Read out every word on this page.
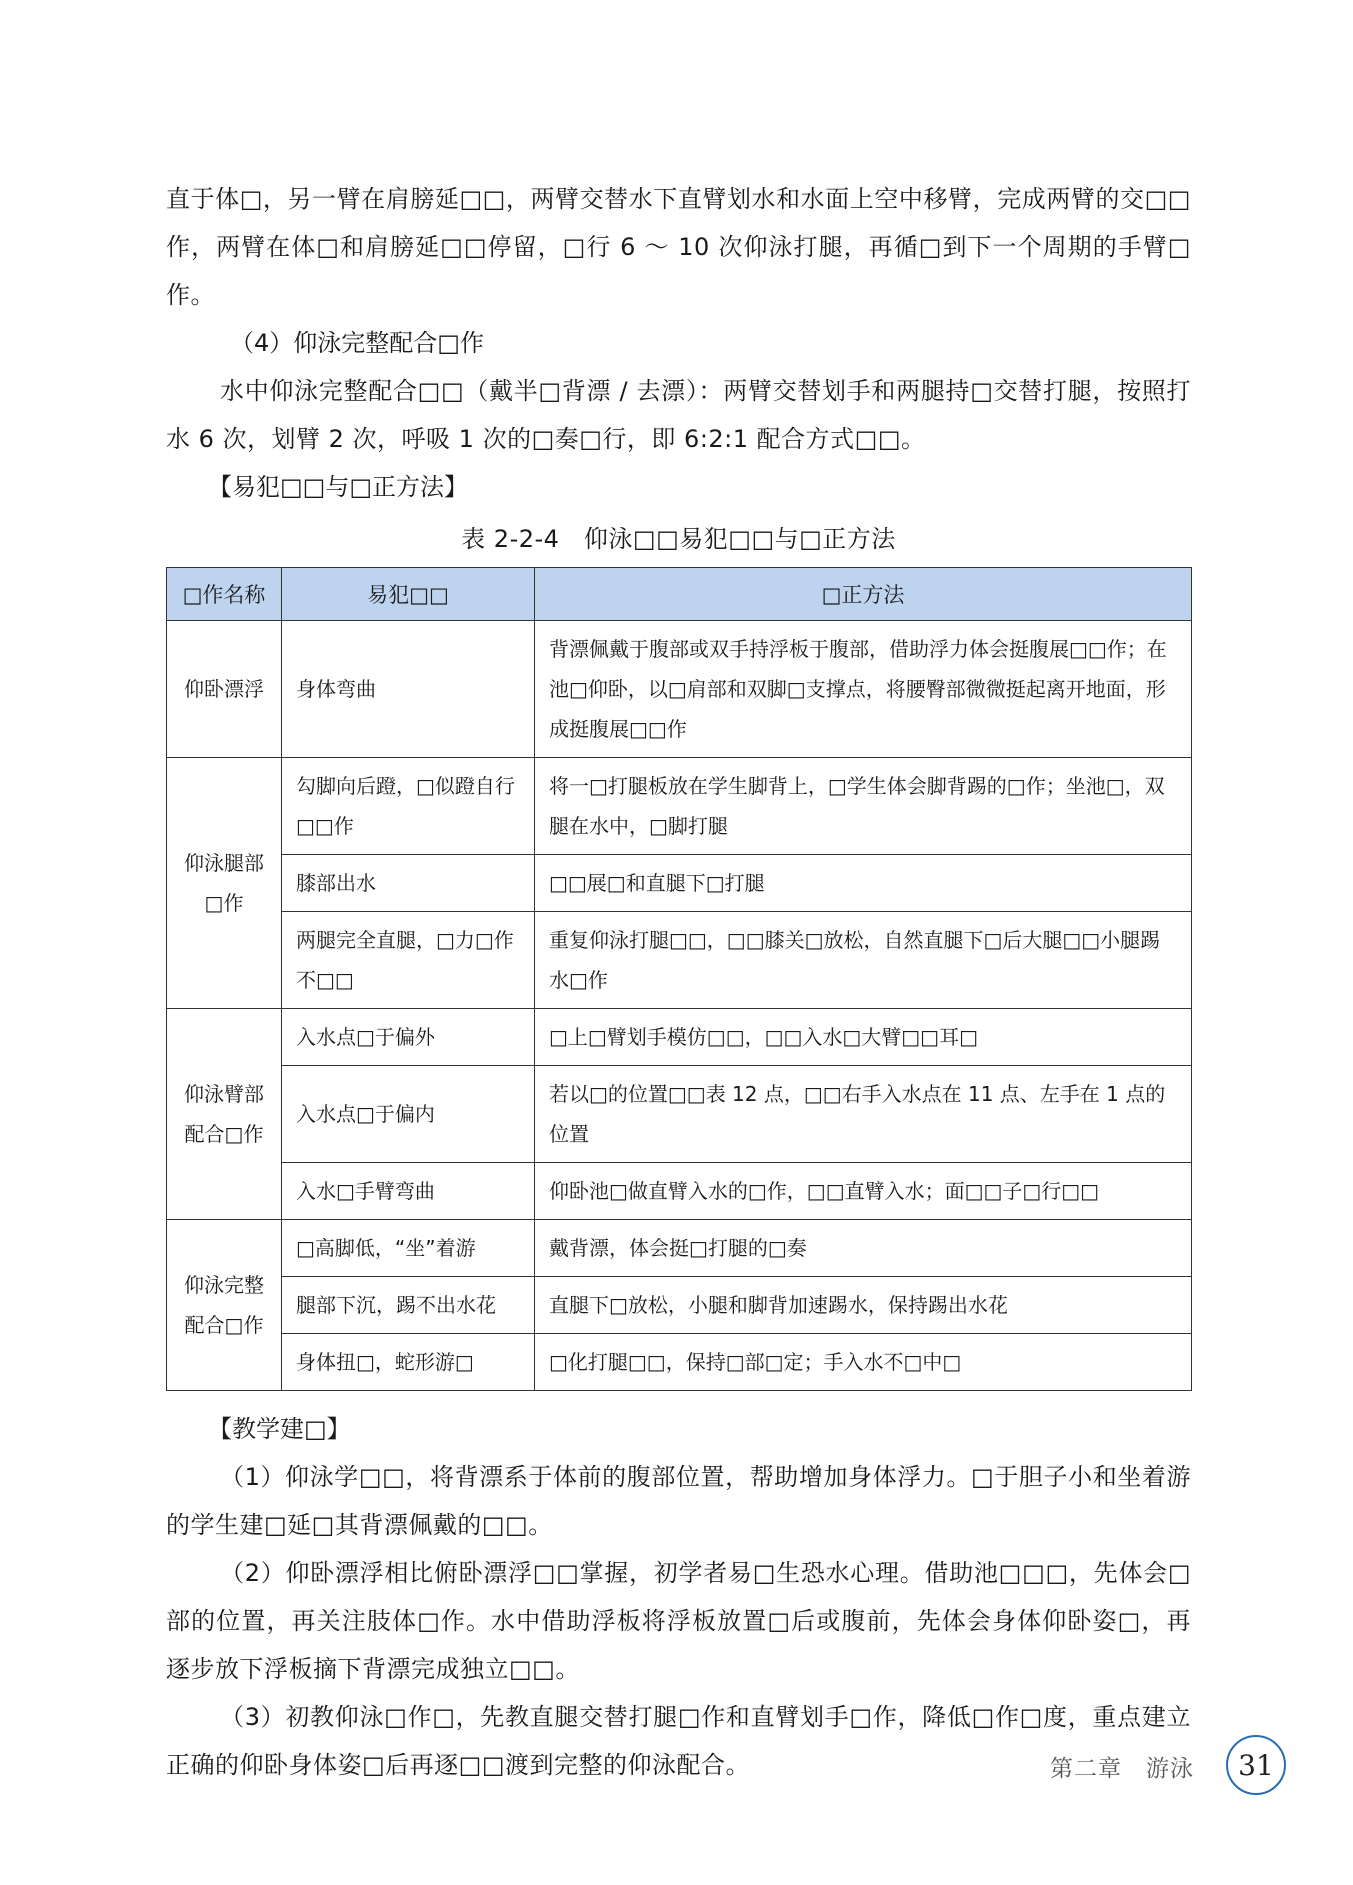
直于体□，另一臂在肩膀延□□，两臂交替水下直臂划水和水面上空中移臂，完成两臂的交□□作，两臂在体□和肩膀延□□停留，□行 6 ～ 10 次仰泳打腿，再循□到下一个周期的手臂□作。

（4）仰泳完整配合□作

水中仰泳完整配合□□（戴半□背漂 / 去漂）：两臂交替划手和两腿持□交替打腿，按照打水 6 次，划臂 2 次，呼吸 1 次的□奏□行，即 6:2:1 配合方式□□。

【易犯□□与□正方法】

表 2-2-4　仰泳□□易犯□□与□正方法
□作名称	易犯□□	□正方法
仰卧漂浮	身体弯曲	背漂佩戴于腹部或双手持浮板于腹部，借助浮力体会挺腹展□□作；在池□仰卧，以□肩部和双脚□支撑点，将腰臀部微微挺起离开地面，形成挺腹展□□作
仰泳腿部□作	勾脚向后蹬，□似蹬自行□□作	将一□打腿板放在学生脚背上，□学生体会脚背踢的□作；坐池□，双腿在水中，□脚打腿
	膝部出水	□□展□和直腿下□打腿
	两腿完全直腿，□力□作不□□	重复仰泳打腿□□，□□膝关□放松，自然直腿下□后大腿□□小腿踢水□作
仰泳臂部配合□作	入水点□于偏外	□上□臂划手模仿□□，□□入水□大臂□□耳□
	入水点□于偏内	若以□的位置□□表 12 点，□□右手入水点在 11 点、左手在 1 点的位置
	入水□手臂弯曲	仰卧池□做直臂入水的□作，□□直臂入水；面□□子□行□□
仰泳完整配合□作	□高脚低，“坐”着游	戴背漂，体会挺□打腿的□奏
	腿部下沉，踢不出水花	直腿下□放松，小腿和脚背加速踢水，保持踢出水花
	身体扭□，蛇形游□	□化打腿□□，保持□部□定；手入水不□中□

【教学建□】

（1）仰泳学□□，将背漂系于体前的腹部位置，帮助增加身体浮力。□于胆子小和坐着游的学生建□延□其背漂佩戴的□□。

（2）仰卧漂浮相比俯卧漂浮□□掌握，初学者易□生恐水心理。借助池□□□，先体会□部的位置，再关注肢体□作。水中借助浮板将浮板放置□后或腹前，先体会身体仰卧姿□，再逐步放下浮板摘下背漂完成独立□□。

（3）初教仰泳□作□，先教直腿交替打腿□作和直臂划手□作，降低□作□度，重点建立正确的仰卧身体姿□后再逐□□渡到完整的仰泳配合。	第二章　游泳	31
